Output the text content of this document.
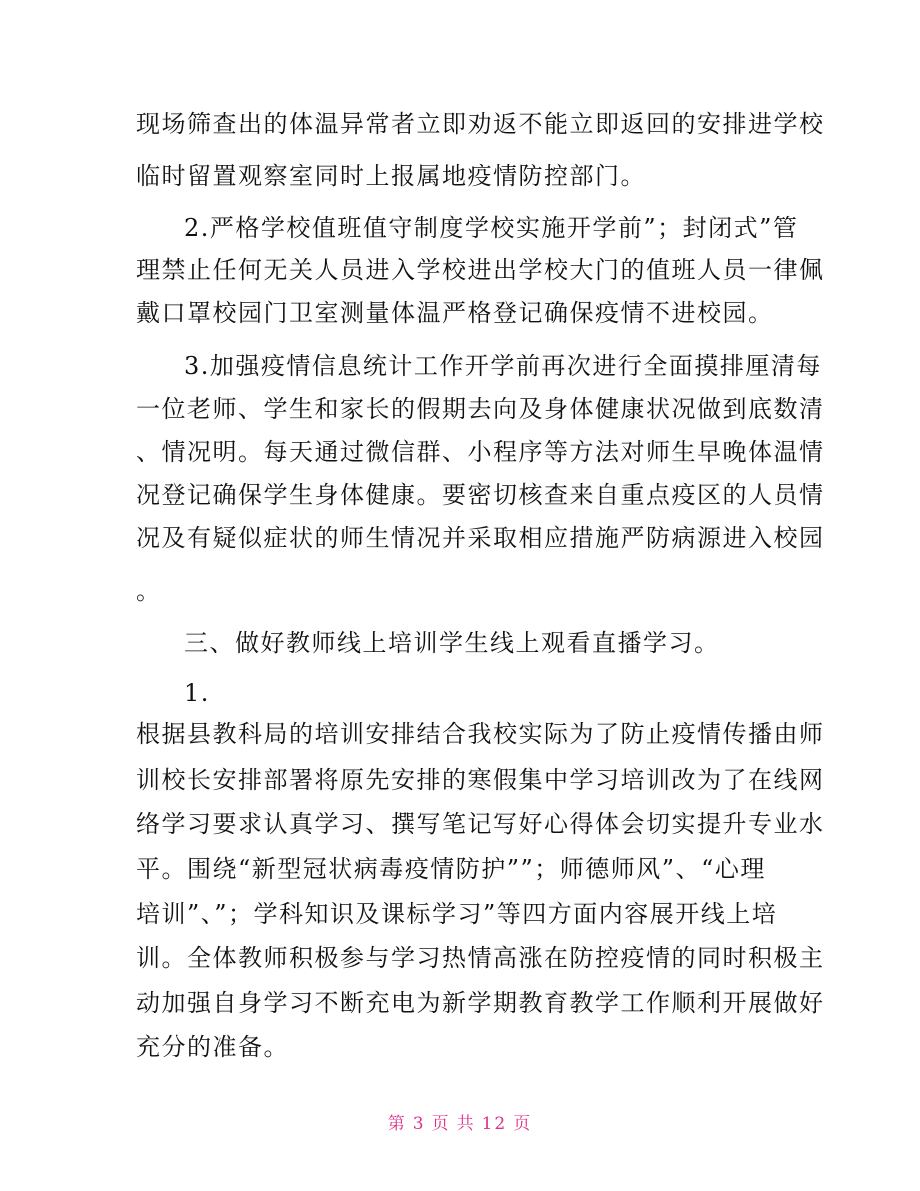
现场筛查出的体温异常者立即劝返不能立即返回的安排进学校
临时留置观察室同时上报属地疫情防控部门。
2.严格学校值班值守制度学校实施开学前”；封闭式”管
理禁止任何无关人员进入学校进出学校大门的值班人员一律佩
戴口罩校园门卫室测量体温严格登记确保疫情不进校园。
3.加强疫情信息统计工作开学前再次进行全面摸排厘清每
一位老师、学生和家长的假期去向及身体健康状况做到底数清
、情况明。每天通过微信群、小程序等方法对师生早晚体温情
况登记确保学生身体健康。要密切核查来自重点疫区的人员情
况及有疑似症状的师生情况并采取相应措施严防病源进入校园
。
三、做好教师线上培训学生线上观看直播学习。
1.
根据县教科局的培训安排结合我校实际为了防止疫情传播由师
训校长安排部署将原先安排的寒假集中学习培训改为了在线网
络学习要求认真学习、撰写笔记写好心得体会切实提升专业水
平。围绕“新型冠状病毒疫情防护””；师德师风”、“心理
培训”、”；学科知识及课标学习”等四方面内容展开线上培
训。全体教师积极参与学习热情高涨在防控疫情的同时积极主
动加强自身学习不断充电为新学期教育教学工作顺利开展做好
充分的准备。
第 3 页 共 12 页
